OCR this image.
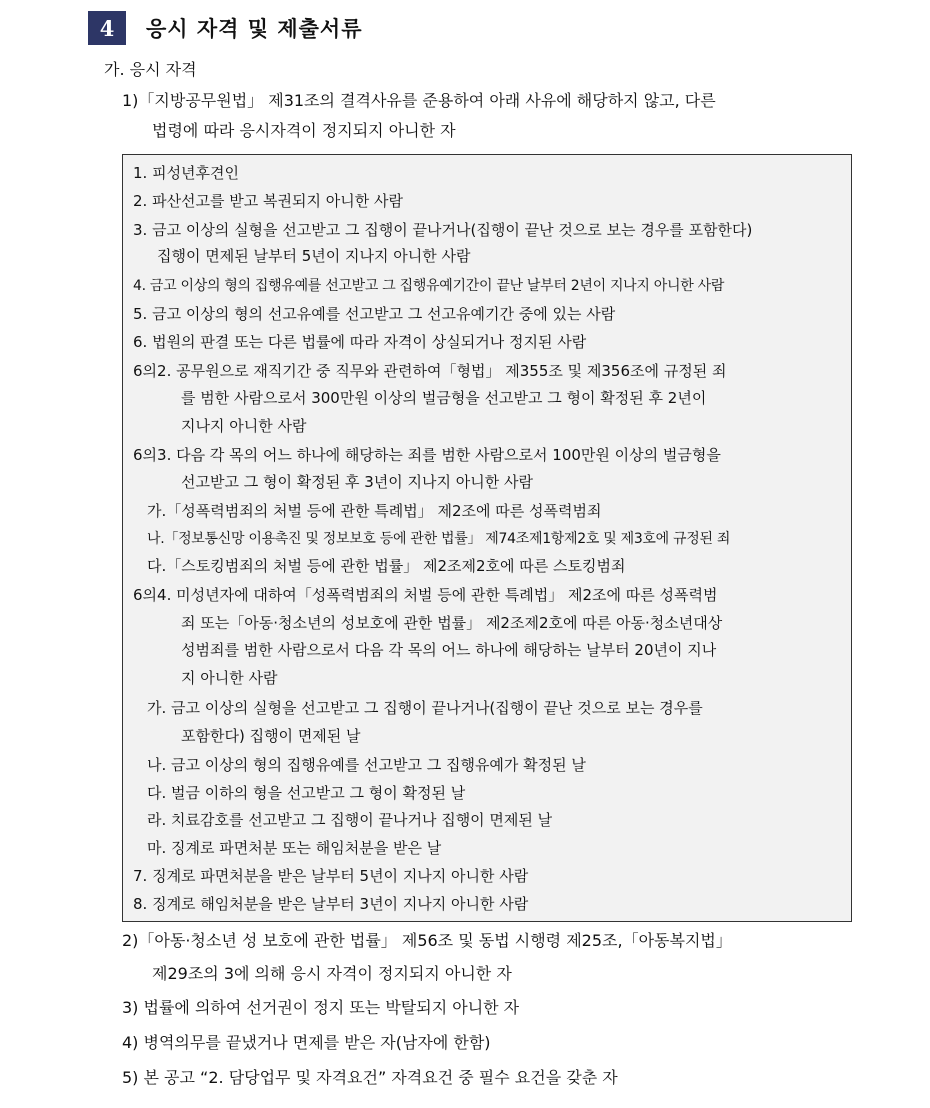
4	응시 자격 및 제출서류
가. 응시 자격
1)「지방공무원법」 제31조의 결격사유를 준용하여 아래 사유에 해당하지 않고, 다른
법령에 따라 응시자격이 정지되지 아니한 자
1. 피성년후견인
2. 파산선고를 받고 복권되지 아니한 사람
3. 금고 이상의 실형을 선고받고 그 집행이 끝나거나(집행이 끝난 것으로 보는 경우를 포함한다)
집행이 면제된 날부터 5년이 지나지 아니한 사람
4. 금고 이상의 형의 집행유예를 선고받고 그 집행유예기간이 끝난 날부터 2년이 지나지 아니한 사람
5. 금고 이상의 형의 선고유예를 선고받고 그 선고유예기간 중에 있는 사람
6. 법원의 판결 또는 다른 법률에 따라 자격이 상실되거나 정지된 사람
6의2. 공무원으로 재직기간 중 직무와 관련하여「형법」 제355조 및 제356조에 규정된 죄
를 범한 사람으로서 300만원 이상의 벌금형을 선고받고 그 형이 확정된 후 2년이
지나지 아니한 사람
6의3. 다음 각 목의 어느 하나에 해당하는 죄를 범한 사람으로서 100만원 이상의 벌금형을
선고받고 그 형이 확정된 후 3년이 지나지 아니한 사람
가.「성폭력범죄의 처벌 등에 관한 특례법」 제2조에 따른 성폭력범죄
나.「정보통신망 이용촉진 및 정보보호 등에 관한 법률」 제74조제1항제2호 및 제3호에 규정된 죄
다.「스토킹범죄의 처벌 등에 관한 법률」 제2조제2호에 따른 스토킹범죄
6의4. 미성년자에 대하여「성폭력범죄의 처벌 등에 관한 특례법」 제2조에 따른 성폭력범
죄 또는「아동·청소년의 성보호에 관한 법률」 제2조제2호에 따른 아동·청소년대상
성범죄를 범한 사람으로서 다음 각 목의 어느 하나에 해당하는 날부터 20년이 지나
지 아니한 사람
가. 금고 이상의 실형을 선고받고 그 집행이 끝나거나(집행이 끝난 것으로 보는 경우를
포함한다) 집행이 면제된 날
나. 금고 이상의 형의 집행유예를 선고받고 그 집행유예가 확정된 날
다. 벌금 이하의 형을 선고받고 그 형이 확정된 날
라. 치료감호를 선고받고 그 집행이 끝나거나 집행이 면제된 날
마. 징계로 파면처분 또는 해임처분을 받은 날
7. 징계로 파면처분을 받은 날부터 5년이 지나지 아니한 사람
8. 징계로 해임처분을 받은 날부터 3년이 지나지 아니한 사람
2)「아동·청소년 성 보호에 관한 법률」 제56조 및 동법 시행령 제25조,「아동복지법」
제29조의 3에 의해 응시 자격이 정지되지 아니한 자
3) 법률에 의하여 선거권이 정지 또는 박탈되지 아니한 자
4) 병역의무를 끝냈거나 면제를 받은 자(남자에 한함)
5) 본 공고 “2. 담당업무 및 자격요건” 자격요건 중 필수 요건을 갖춘 자
